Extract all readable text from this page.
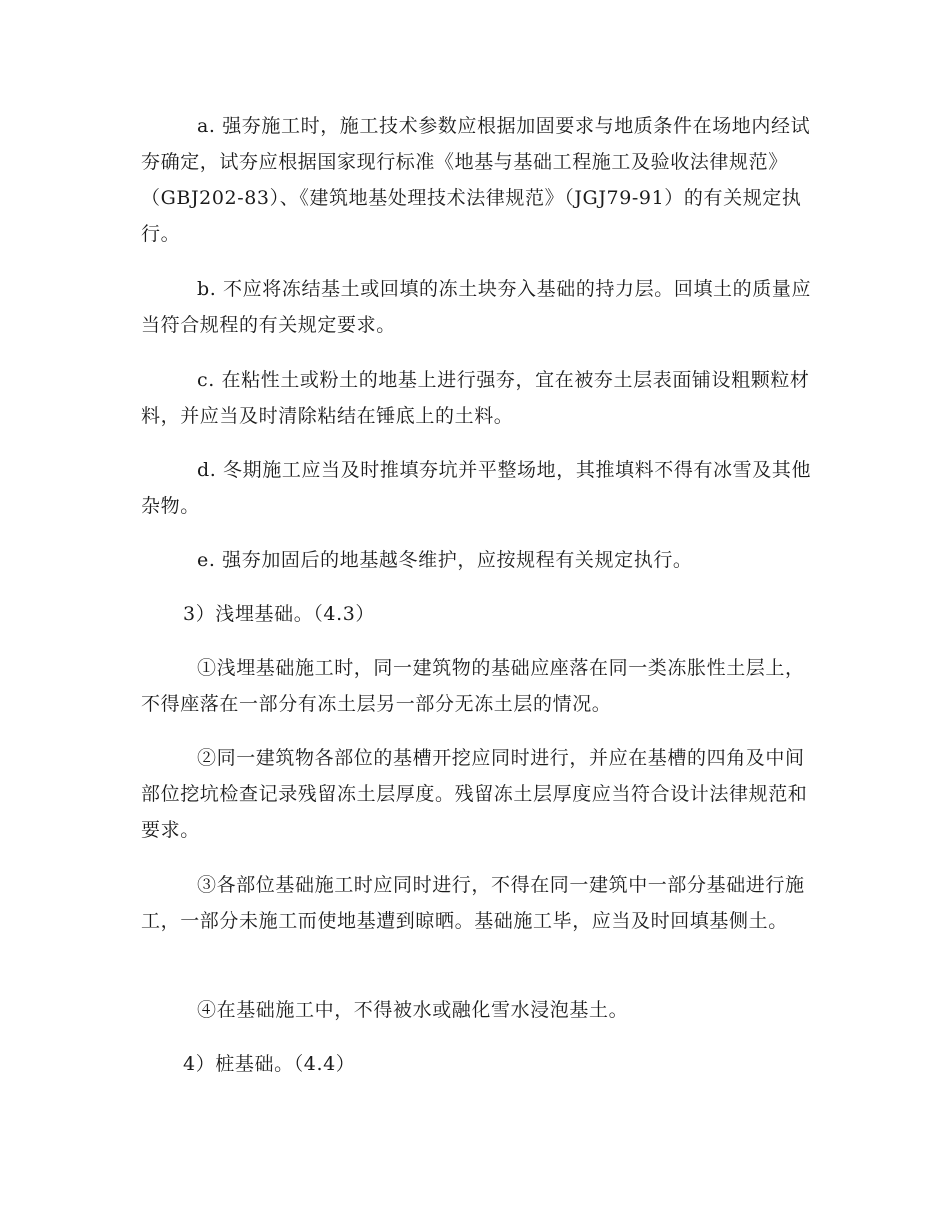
a. 强夯施工时，施工技术参数应根据加固要求与地质条件在场地内经试夯确定，试夯应根据国家现行标准《地基与基础工程施工及验收法律规范》（GBJ202-83）、《建筑地基处理技术法律规范》（JGJ79-91）的有关规定执行。

b. 不应将冻结基土或回填的冻土块夯入基础的持力层。回填土的质量应当符合规程的有关规定要求。

c. 在粘性土或粉土的地基上进行强夯，宜在被夯土层表面铺设粗颗粒材料，并应当及时清除粘结在锤底上的土料。

d. 冬期施工应当及时推填夯坑并平整场地，其推填料不得有冰雪及其他杂物。

e. 强夯加固后的地基越冬维护，应按规程有关规定执行。

3）浅埋基础。（4.3）

①浅埋基础施工时，同一建筑物的基础应座落在同一类冻胀性土层上，不得座落在一部分有冻土层另一部分无冻土层的情况。

②同一建筑物各部位的基槽开挖应同时进行，并应在基槽的四角及中间部位挖坑检查记录残留冻土层厚度。残留冻土层厚度应当符合设计法律规范和要求。

③各部位基础施工时应同时进行，不得在同一建筑中一部分基础进行施工，一部分未施工而使地基遭到晾晒。基础施工毕，应当及时回填基侧土。

④在基础施工中，不得被水或融化雪水浸泡基土。

4）桩基础。（4.4）
